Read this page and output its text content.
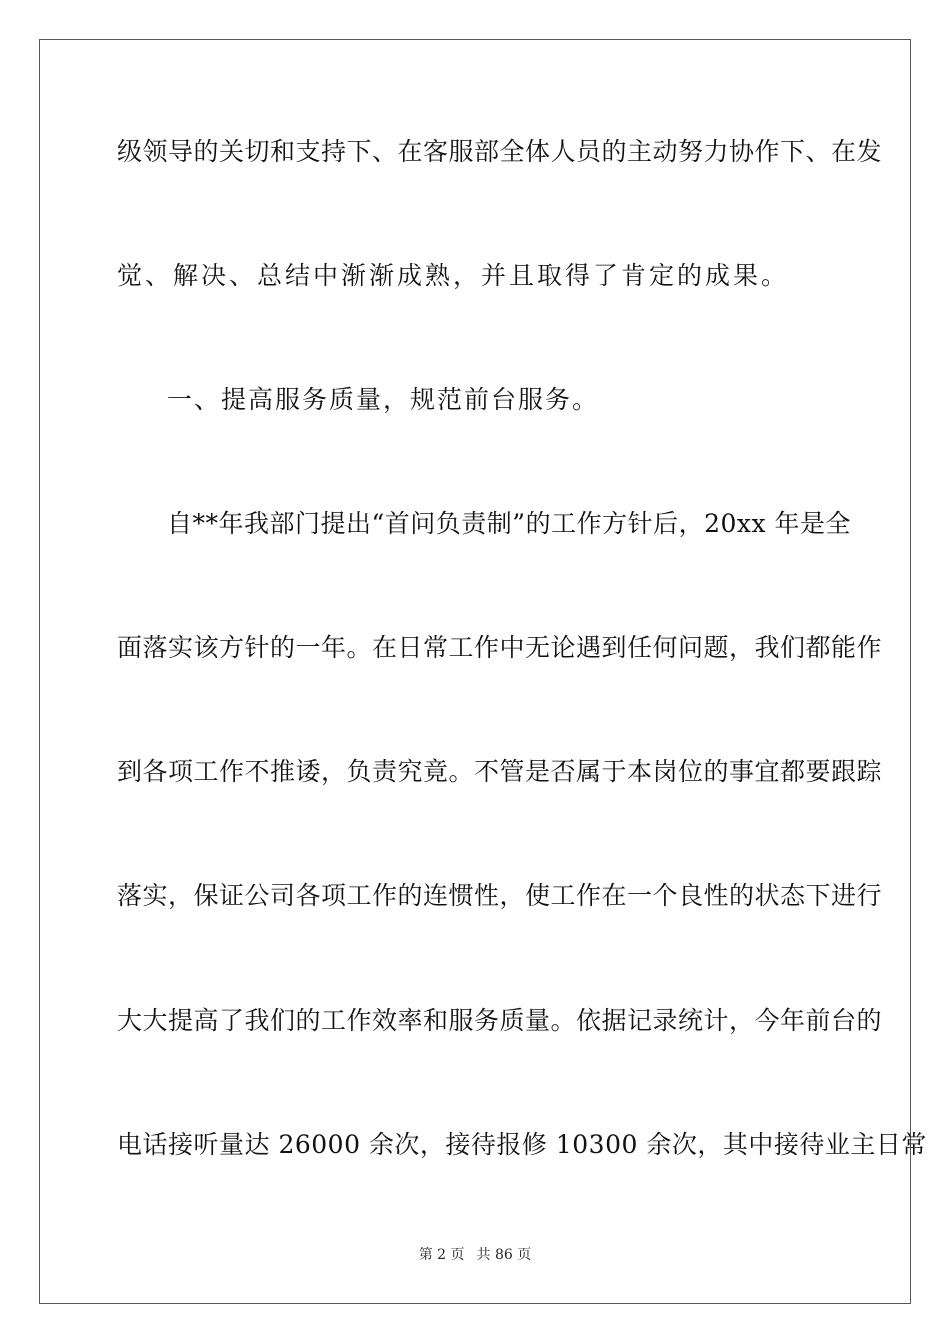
级领导的关切和支持下、在客服部全体人员的主动努力协作下、在发
觉、解决、总结中渐渐成熟，并且取得了肯定的成果。
一、提高服务质量，规范前台服务。
自**年我部门提出“首问负责制”的工作方针后，20xx 年是全
面落实该方针的一年。在日常工作中无论遇到任何问题，我们都能作
到各项工作不推诿，负责究竟。不管是否属于本岗位的事宜都要跟踪
落实，保证公司各项工作的连惯性，使工作在一个良性的状态下进行
大大提高了我们的工作效率和服务质量。依据记录统计，今年前台的
电话接听量达 26000 余次，接待报修 10300 余次，其中接待业主日常
第 2 页 共 86 页
